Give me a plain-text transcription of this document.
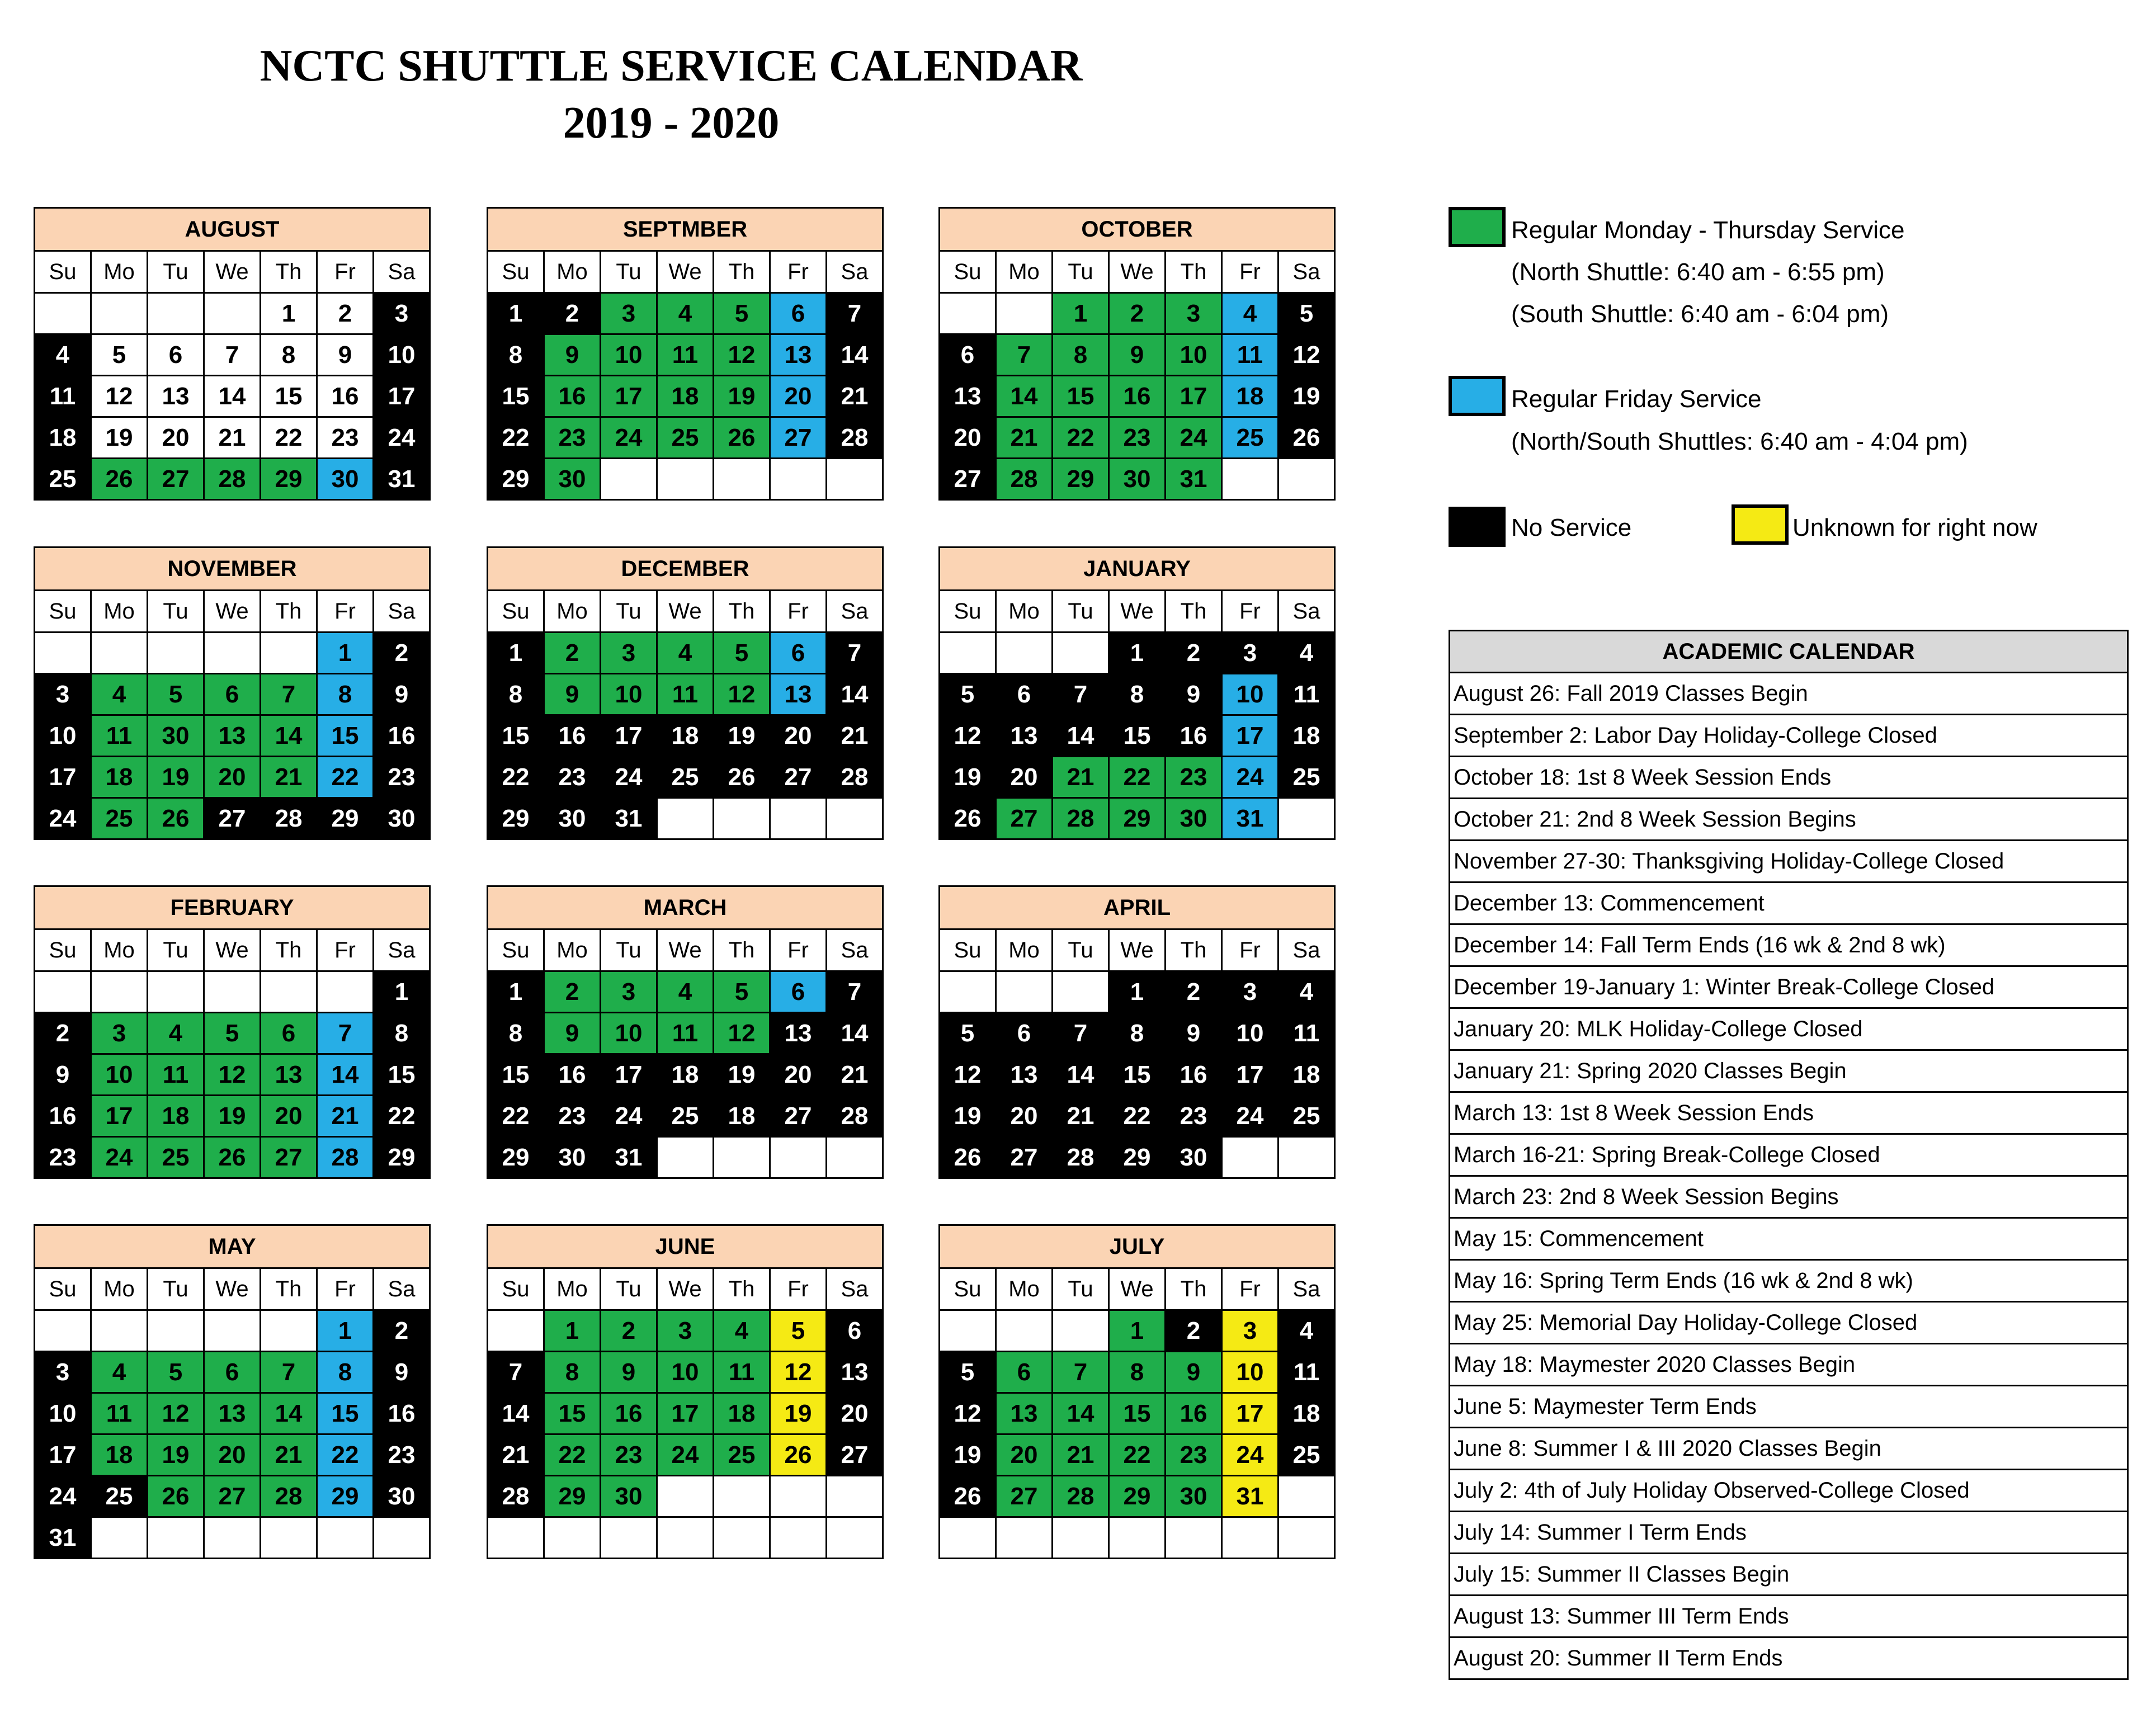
NCTC SHUTTLE SERVICE CALENDAR
2019 - 2020
AUGUST						
Su	Mo	Tu	We	Th	Fr	Sa
				1	2	3
4	5	6	7	8	9	10
11	12	13	14	15	16	17
18	19	20	21	22	23	24
25	26	27	28	29	30	31
SEPTMBER						
Su	Mo	Tu	We	Th	Fr	Sa
1	2	3	4	5	6	7
8	9	10	11	12	13	14
15	16	17	18	19	20	21
22	23	24	25	26	27	28
29	30					
OCTOBER						
Su	Mo	Tu	We	Th	Fr	Sa
		1	2	3	4	5
6	7	8	9	10	11	12
13	14	15	16	17	18	19
20	21	22	23	24	25	26
27	28	29	30	31		
NOVEMBER						
Su	Mo	Tu	We	Th	Fr	Sa
					1	2
3	4	5	6	7	8	9
10	11	30	13	14	15	16
17	18	19	20	21	22	23
24	25	26	27	28	29	30
DECEMBER						
Su	Mo	Tu	We	Th	Fr	Sa
1	2	3	4	5	6	7
8	9	10	11	12	13	14
15	16	17	18	19	20	21
22	23	24	25	26	27	28
29	30	31				
JANUARY						
Su	Mo	Tu	We	Th	Fr	Sa
			1	2	3	4
5	6	7	8	9	10	11
12	13	14	15	16	17	18
19	20	21	22	23	24	25
26	27	28	29	30	31	
FEBRUARY						
Su	Mo	Tu	We	Th	Fr	Sa
						1
2	3	4	5	6	7	8
9	10	11	12	13	14	15
16	17	18	19	20	21	22
23	24	25	26	27	28	29
MARCH						
Su	Mo	Tu	We	Th	Fr	Sa
1	2	3	4	5	6	7
8	9	10	11	12	13	14
15	16	17	18	19	20	21
22	23	24	25	18	27	28
29	30	31				
APRIL						
Su	Mo	Tu	We	Th	Fr	Sa
			1	2	3	4
5	6	7	8	9	10	11
12	13	14	15	16	17	18
19	20	21	22	23	24	25
26	27	28	29	30		
MAY						
Su	Mo	Tu	We	Th	Fr	Sa
					1	2
3	4	5	6	7	8	9
10	11	12	13	14	15	16
17	18	19	20	21	22	23
24	25	26	27	28	29	30
31						
JUNE						
Su	Mo	Tu	We	Th	Fr	Sa
	1	2	3	4	5	6
7	8	9	10	11	12	13
14	15	16	17	18	19	20
21	22	23	24	25	26	27
28	29	30				

JULY						
Su	Mo	Tu	We	Th	Fr	Sa
			1	2	3	4
5	6	7	8	9	10	11
12	13	14	15	16	17	18
19	20	21	22	23	24	25
26	27	28	29	30	31	

Regular Monday - Thursday Service
(North Shuttle: 6:40 am - 6:55 pm)
(South Shuttle: 6:40 am - 6:04 pm)
Regular Friday Service
(North/South Shuttles: 6:40 am - 4:04 pm)
No Service	Unknown for right now
ACADEMIC CALENDAR
August 26: Fall 2019 Classes Begin
September 2: Labor Day Holiday-College Closed
October 18: 1st 8 Week Session Ends
October 21: 2nd 8 Week Session Begins
November 27-30: Thanksgiving Holiday-College Closed
December 13: Commencement
December 14: Fall Term Ends (16 wk & 2nd 8 wk)
December 19-January 1: Winter Break-College Closed
January 20: MLK Holiday-College Closed
January 21: Spring 2020 Classes Begin
March 13: 1st 8 Week Session Ends
March 16-21: Spring Break-College Closed
March 23: 2nd 8 Week Session Begins
May 15: Commencement
May 16: Spring Term Ends (16 wk & 2nd 8 wk)
May 25: Memorial Day Holiday-College Closed
May 18: Maymester 2020 Classes Begin
June 5: Maymester Term Ends
June 8: Summer I & III 2020 Classes Begin
July 2: 4th of July Holiday Observed-College Closed
July 14: Summer I Term Ends
July 15: Summer II Classes Begin
August 13: Summer III Term Ends
August 20: Summer II Term Ends
